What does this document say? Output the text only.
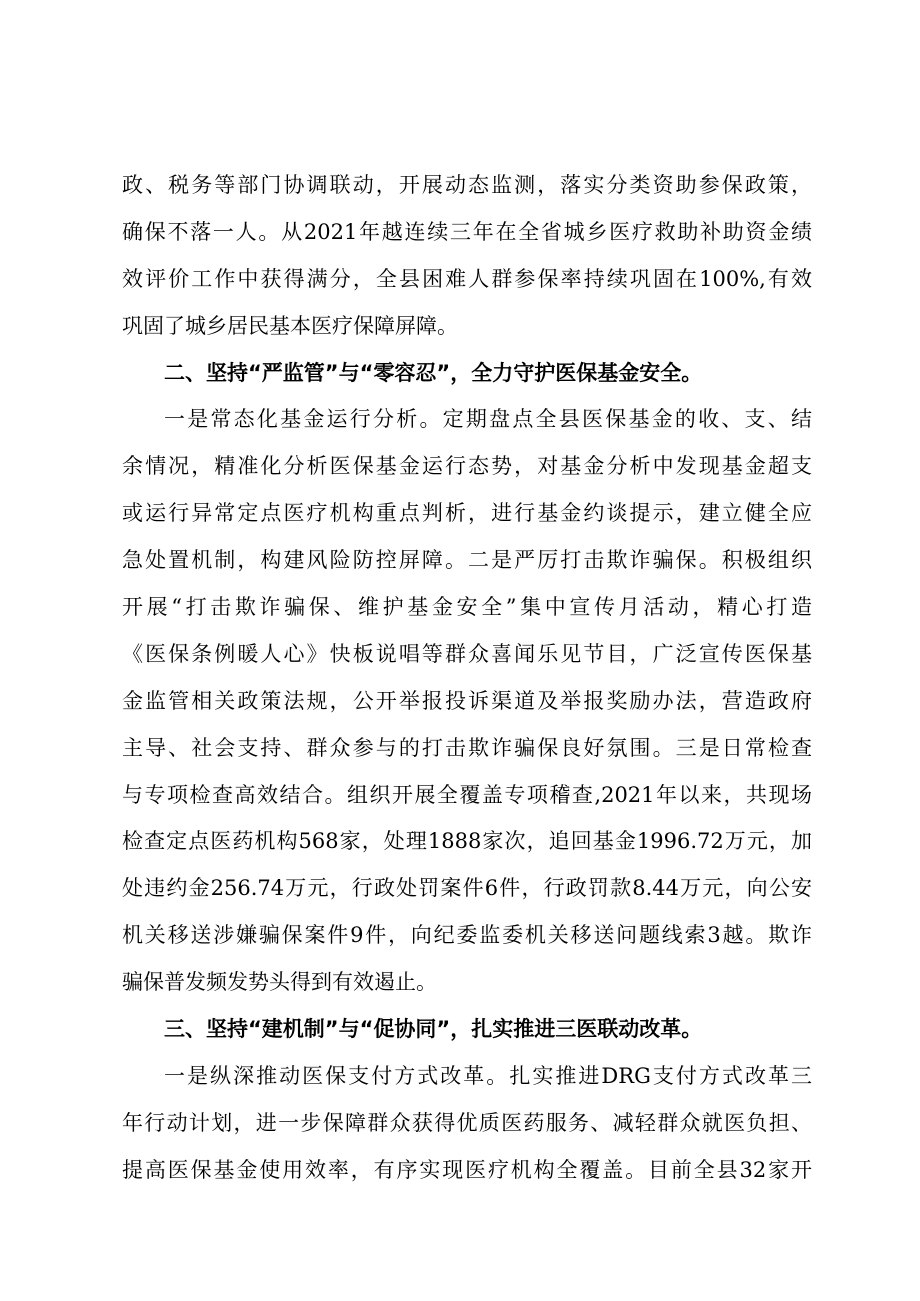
政、税务等部门协调联动，开展动态监测，落实分类资助参保政策，
确保不落一人。从2021年越连续三年在全省城乡医疗救助补助资金绩
效评价工作中获得满分，全县困难人群参保率持续巩固在100%,有效
巩固了城乡居民基本医疗保障屏障。
二、坚持“严监管”与“零容忍”，全力守护医保基金安全。
一是常态化基金运行分析。定期盘点全县医保基金的收、支、结
余情况，精准化分析医保基金运行态势，对基金分析中发现基金超支
或运行异常定点医疗机构重点判析，进行基金约谈提示，建立健全应
急处置机制，构建风险防控屏障。二是严厉打击欺诈骗保。积极组织
开展“打击欺诈骗保、维护基金安全”集中宣传月活动，精心打造
《医保条例暖人心》快板说唱等群众喜闻乐见节目，广泛宣传医保基
金监管相关政策法规，公开举报投诉渠道及举报奖励办法，营造政府
主导、社会支持、群众参与的打击欺诈骗保良好氛围。三是日常检查
与专项检查高效结合。组织开展全覆盖专项稽查,2021年以来，共现场
检查定点医药机构568家，处理1888家次，追回基金1996.72万元，加
处违约金256.74万元，行政处罚案件6件，行政罚款8.44万元，向公安
机关移送涉嫌骗保案件9件，向纪委监委机关移送问题线索3越。欺诈
骗保普发频发势头得到有效遏止。
三、坚持“建机制”与“促协同”，扎实推进三医联动改革。
一是纵深推动医保支付方式改革。扎实推进DRG支付方式改革三
年行动计划，进一步保障群众获得优质医药服务、减轻群众就医负担、
提高医保基金使用效率，有序实现医疗机构全覆盖。目前全县32家开
